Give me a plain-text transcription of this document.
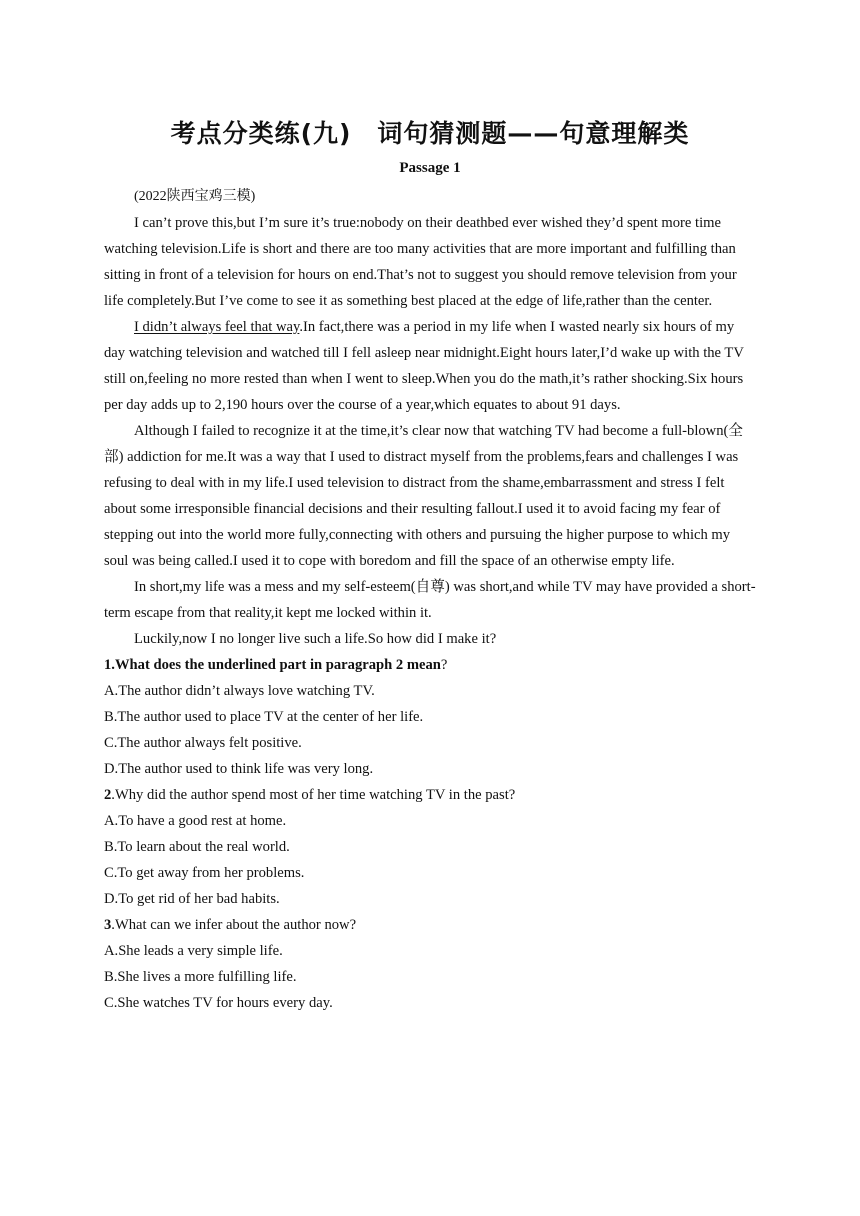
考点分类练(九) 词句猜测题——句意理解类
Passage 1

(2022陕西宝鸡三模)

I can’t prove this,but I’m sure it’s true:nobody on their deathbed ever wished they’d spent more time watching television.Life is short and there are too many activities that are more important and fulfilling than sitting in front of a television for hours on end.That’s not to suggest you should remove television from your life completely.But I’ve come to see it as something best placed at the edge of life,rather than the center.

I didn’t always feel that way.In fact,there was a period in my life when I wasted nearly six hours of my day watching television and watched till I fell asleep near midnight.Eight hours later,I’d wake up with the TV still on,feeling no more rested than when I went to sleep.When you do the math,it’s rather shocking.Six hours per day adds up to 2,190 hours over the course of a year,which equates to about 91 days.

Although I failed to recognize it at the time,it’s clear now that watching TV had become a full-blown(全部) addiction for me.It was a way that I used to distract myself from the problems,fears and challenges I was refusing to deal with in my life.I used television to distract from the shame,embarrassment and stress I felt about some irresponsible financial decisions and their resulting fallout.I used it to avoid facing my fear of stepping out into the world more fully,connecting with others and pursuing the higher purpose to which my soul was being called.I used it to cope with boredom and fill the space of an otherwise empty life.

In short,my life was a mess and my self-esteem(自尊) was short,and while TV may have provided a short-term escape from that reality,it kept me locked within it.

Luckily,now I no longer live such a life.So how did I make it?

1.What does the underlined part in paragraph 2 mean?

A.The author didn’t always love watching TV.

B.The author used to place TV at the center of her life.

C.The author always felt positive.

D.The author used to think life was very long.

2.Why did the author spend most of her time watching TV in the past?

A.To have a good rest at home.

B.To learn about the real world.

C.To get away from her problems.

D.To get rid of her bad habits.

3.What can we infer about the author now?

A.She leads a very simple life.

B.She lives a more fulfilling life.

C.She watches TV for hours every day.
